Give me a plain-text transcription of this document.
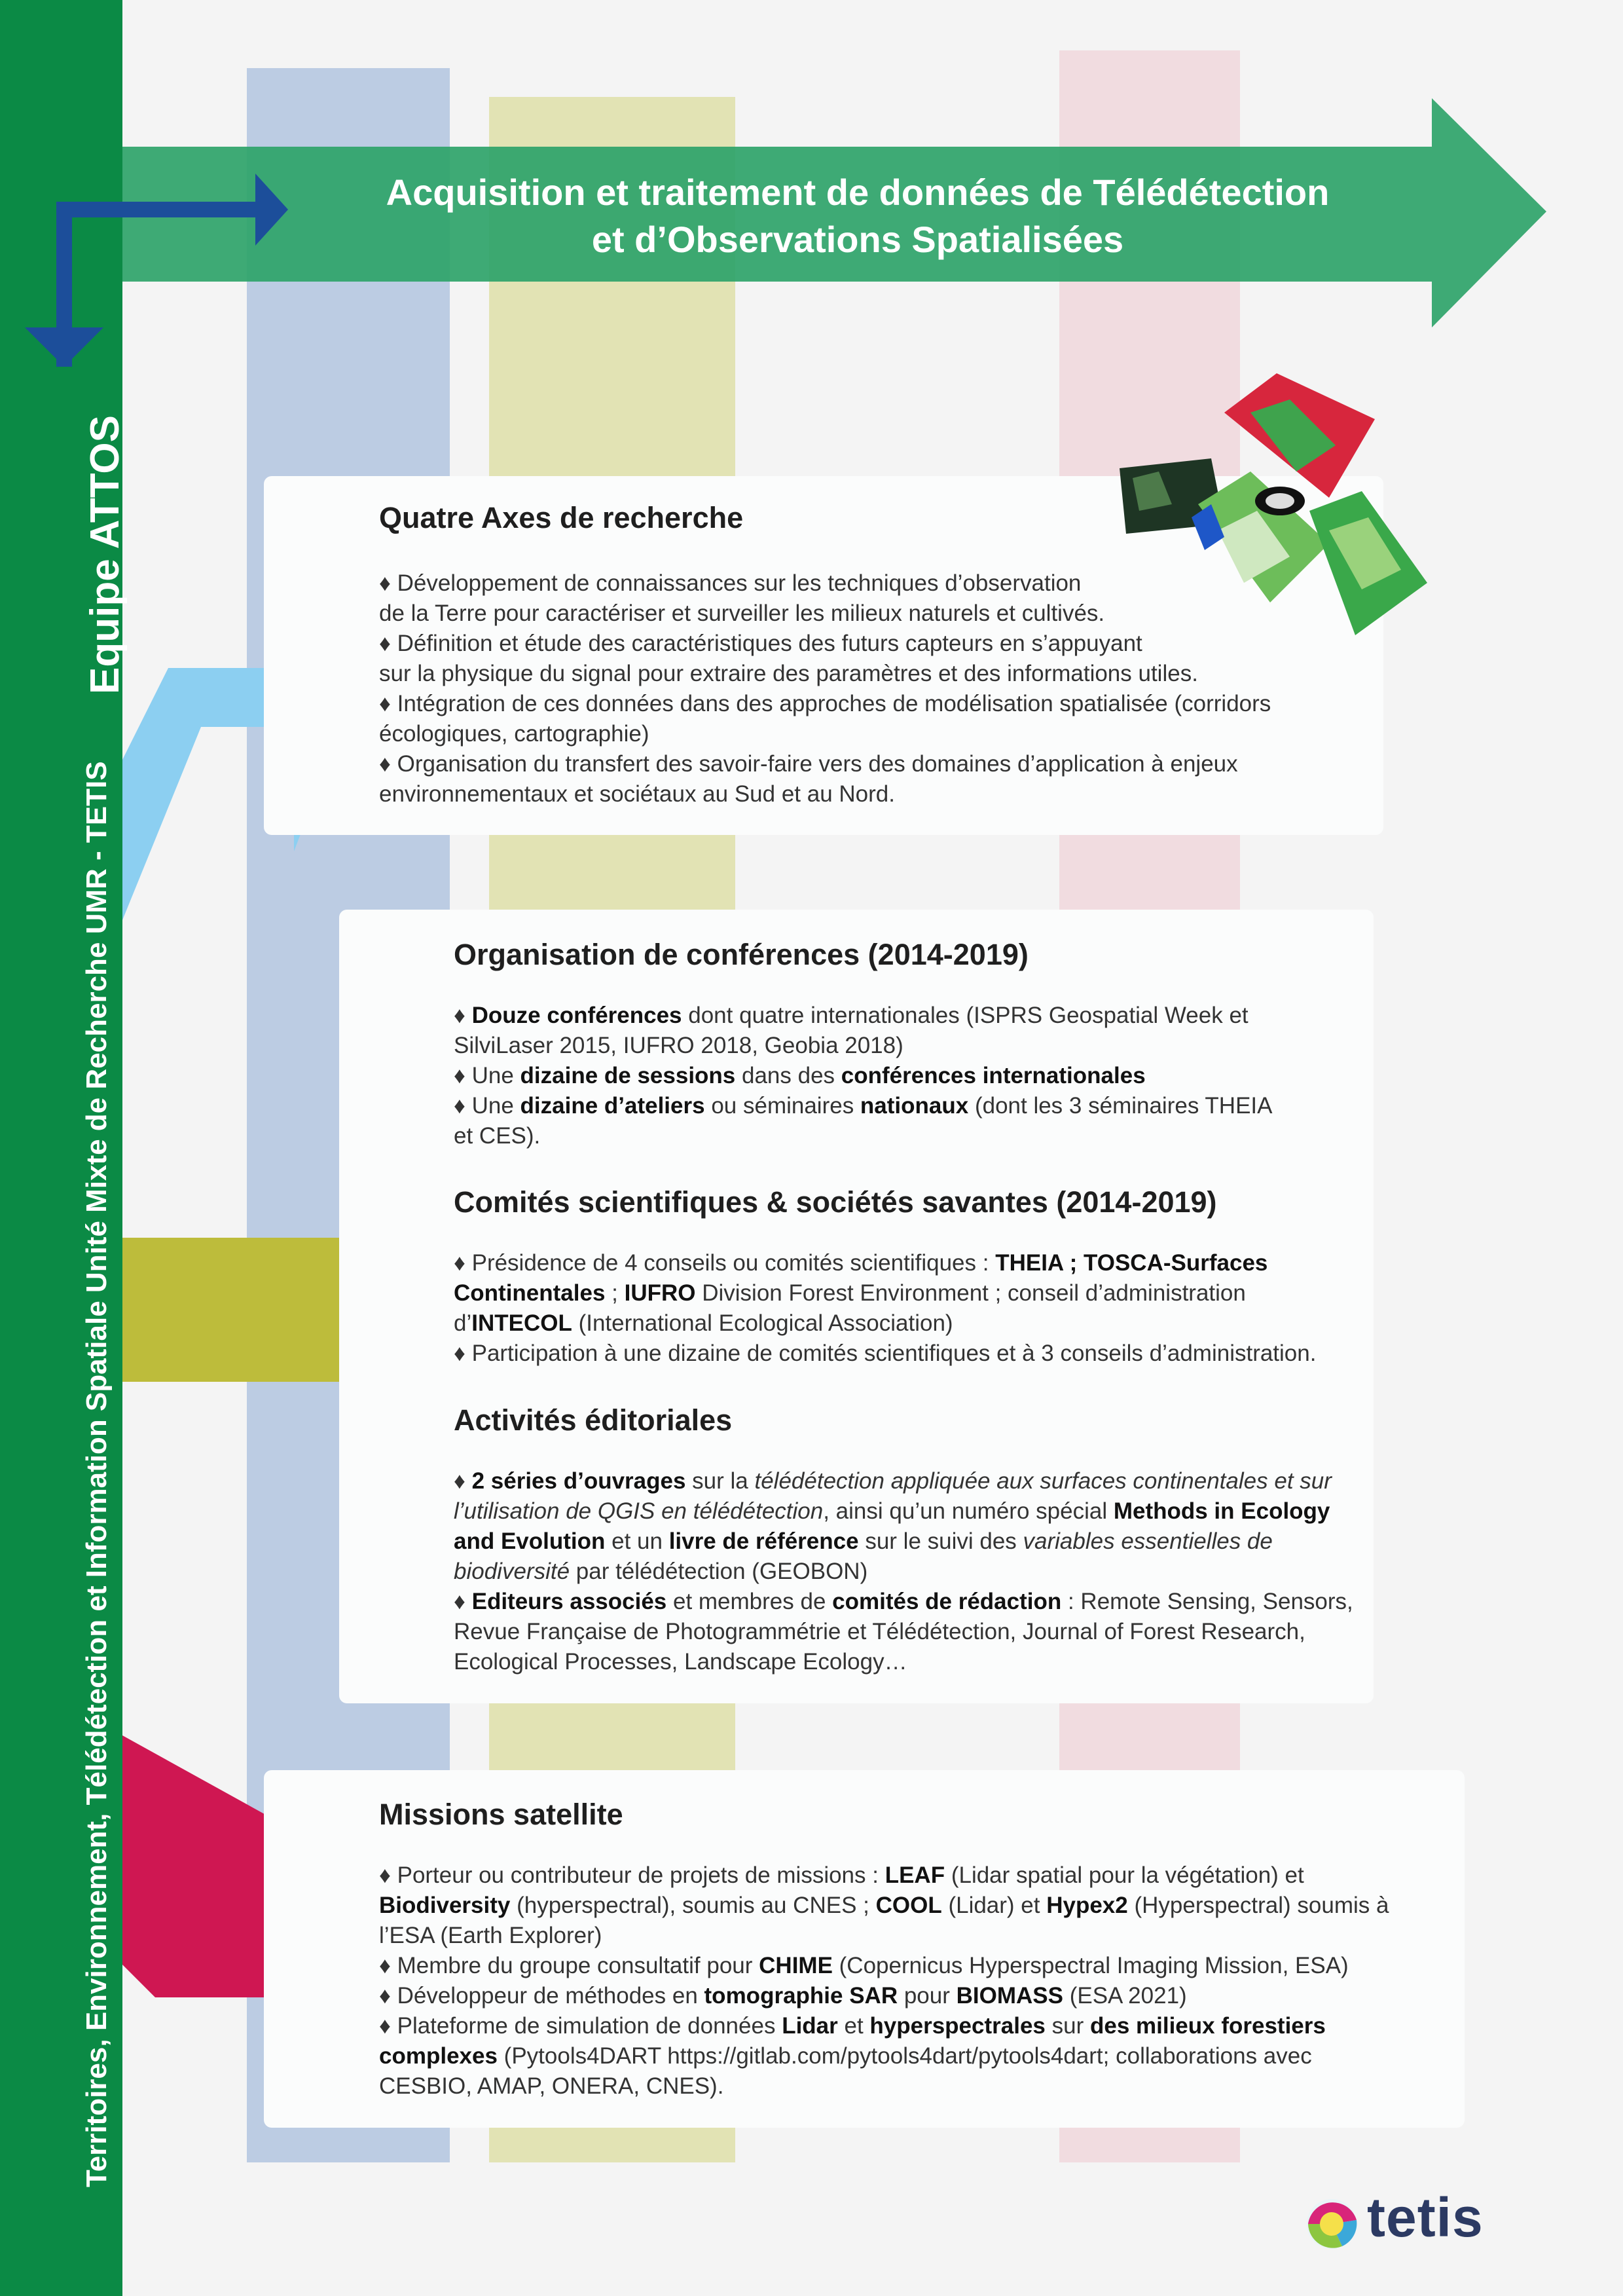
Territoires, Environnement, Télédétection et Information Spatiale Unité Mixte de Recherche UMR - TETIS
Equipe ATTOS
Acquisition et traitement de données de Télédétection
et d’Observations Spatialisées
Quatre Axes de recherche
♦ Développement de connaissances sur les techniques d’observation
de la Terre pour caractériser et surveiller les milieux naturels et cultivés.
♦ Définition et étude des caractéristiques des futurs capteurs en s’appuyant
sur la physique du signal pour extraire des paramètres et des informations utiles.
♦ Intégration de ces données dans des approches de modélisation spatialisée (corridors
écologiques, cartographie)
♦ Organisation du transfert des savoir-faire vers des domaines d’application à enjeux
environnementaux et sociétaux au Sud et au Nord.
Organisation de conférences (2014-2019)
♦ Douze conférences dont quatre internationales (ISPRS Geospatial Week et
SilviLaser 2015, IUFRO 2018, Geobia 2018)
♦ Une dizaine de sessions dans des conférences internationales
♦ Une dizaine d’ateliers ou séminaires nationaux (dont les 3 séminaires THEIA
et CES).
Comités scientifiques & sociétés savantes (2014-2019)
♦ Présidence de 4 conseils ou comités scientifiques : THEIA ; TOSCA-Surfaces
Continentales ; IUFRO Division Forest Environment ; conseil d’administration
d’INTECOL (International Ecological Association)
♦ Participation à une dizaine de comités scientifiques et à 3 conseils d’administration.
Activités éditoriales
♦ 2 séries d’ouvrages sur la télédétection appliquée aux surfaces continentales et sur
l’utilisation de QGIS en télédétection, ainsi qu’un numéro spécial Methods in Ecology
and Evolution et un livre de référence sur le suivi des variables essentielles de
biodiversité par télédétection (GEOBON)
♦ Editeurs associés et membres de comités de rédaction : Remote Sensing, Sensors,
Revue Française de Photogrammétrie et Télédétection, Journal of Forest Research,
Ecological Processes, Landscape Ecology…
Missions satellite
♦ Porteur ou contributeur de projets de missions : LEAF (Lidar spatial pour la végétation) et
Biodiversity (hyperspectral), soumis au CNES ; COOL (Lidar) et Hypex2 (Hyperspectral) soumis à
l’ESA (Earth Explorer)
♦ Membre du groupe consultatif pour CHIME (Copernicus Hyperspectral Imaging Mission, ESA)
♦ Développeur de méthodes en tomographie SAR pour BIOMASS (ESA 2021)
♦ Plateforme de simulation de données Lidar et hyperspectrales sur des milieux forestiers
complexes (Pytools4DART https://gitlab.com/pytools4dart/pytools4dart; collaborations avec
CESBIO, AMAP, ONERA, CNES).
tetis
